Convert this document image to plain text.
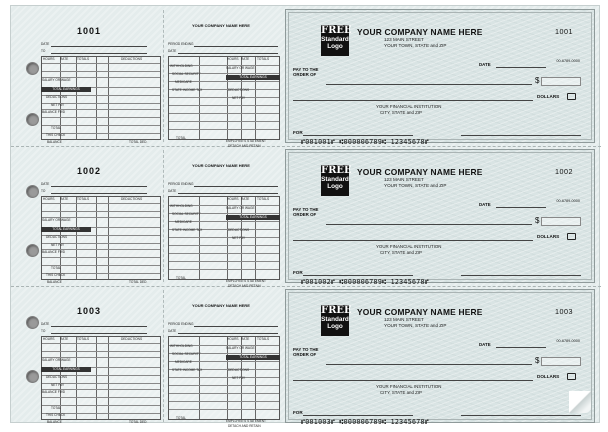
1001
DATE
TO
HOURS RATE	TOTALS	DEDUCTIONS
SALARY OR WAGE
TOTAL EARNINGS
DEDUCTIONS
NET PAY
BALANCE FWD
TOTAL
THIS CHECK
BALANCE	TOTAL DED.
YOUR COMPANY NAME HERE
PERIOD ENDING
DATE
WITHHOLDING
SOCIAL SECURITY
MEDICARE
STATE INCOME TAX
HOURS RATE TOTALS
SALARY OR WAGE
TOTAL EARNINGS
DEDUCTIONS
NET PAY
TOTAL
EMPLOYEE'S STATEMENT
DETACH AND RETAIN
FREE
Standard
Logo
YOUR COMPANY NAME HERE
123 MAIN STREET
YOUR TOWN, STATE and ZIP
1001
DATE
00-6789-0000
PAY TO THE ORDER OF
$
DOLLARS
YOUR FINANCIAL INSTITUTION
CITY, STATE and ZIP
FOR
⑈001001⑈ ⑆000006789⑆ 12345678⑈
1002
DATE
TO
HOURS RATE	TOTALS	DEDUCTIONS
SALARY OR WAGE
TOTAL EARNINGS
DEDUCTIONS
NET PAY
BALANCE FWD
TOTAL
THIS CHECK
BALANCE	TOTAL DED.
YOUR COMPANY NAME HERE
PERIOD ENDING
DATE
WITHHOLDING
SOCIAL SECURITY
MEDICARE
STATE INCOME TAX
HOURS RATE TOTALS
SALARY OR WAGE
TOTAL EARNINGS
DEDUCTIONS
NET PAY
TOTAL
EMPLOYEE'S STATEMENT
DETACH AND RETAIN
FREE
Standard
Logo
YOUR COMPANY NAME HERE
123 MAIN STREET
YOUR TOWN, STATE and ZIP
1002
DATE
00-6789-0000
PAY TO THE ORDER OF
$
DOLLARS
YOUR FINANCIAL INSTITUTION
CITY, STATE and ZIP
FOR
⑈001002⑈ ⑆000006789⑆ 12345678⑈
1003
DATE
TO
HOURS RATE	TOTALS	DEDUCTIONS
SALARY OR WAGE
TOTAL EARNINGS
DEDUCTIONS
NET PAY
BALANCE FWD
TOTAL
THIS CHECK
BALANCE	TOTAL DED.
YOUR COMPANY NAME HERE
PERIOD ENDING
DATE
WITHHOLDING
SOCIAL SECURITY
MEDICARE
STATE INCOME TAX
HOURS RATE TOTALS
SALARY OR WAGE
TOTAL EARNINGS
DEDUCTIONS
NET PAY
TOTAL
EMPLOYEE'S STATEMENT
DETACH AND RETAIN
FREE
Standard
Logo
YOUR COMPANY NAME HERE
123 MAIN STREET
YOUR TOWN, STATE and ZIP
1003
DATE
00-6789-0000
PAY TO THE ORDER OF
$
DOLLARS
YOUR FINANCIAL INSTITUTION
CITY, STATE and ZIP
FOR
⑈001003⑈ ⑆000006789⑆ 12345678⑈
